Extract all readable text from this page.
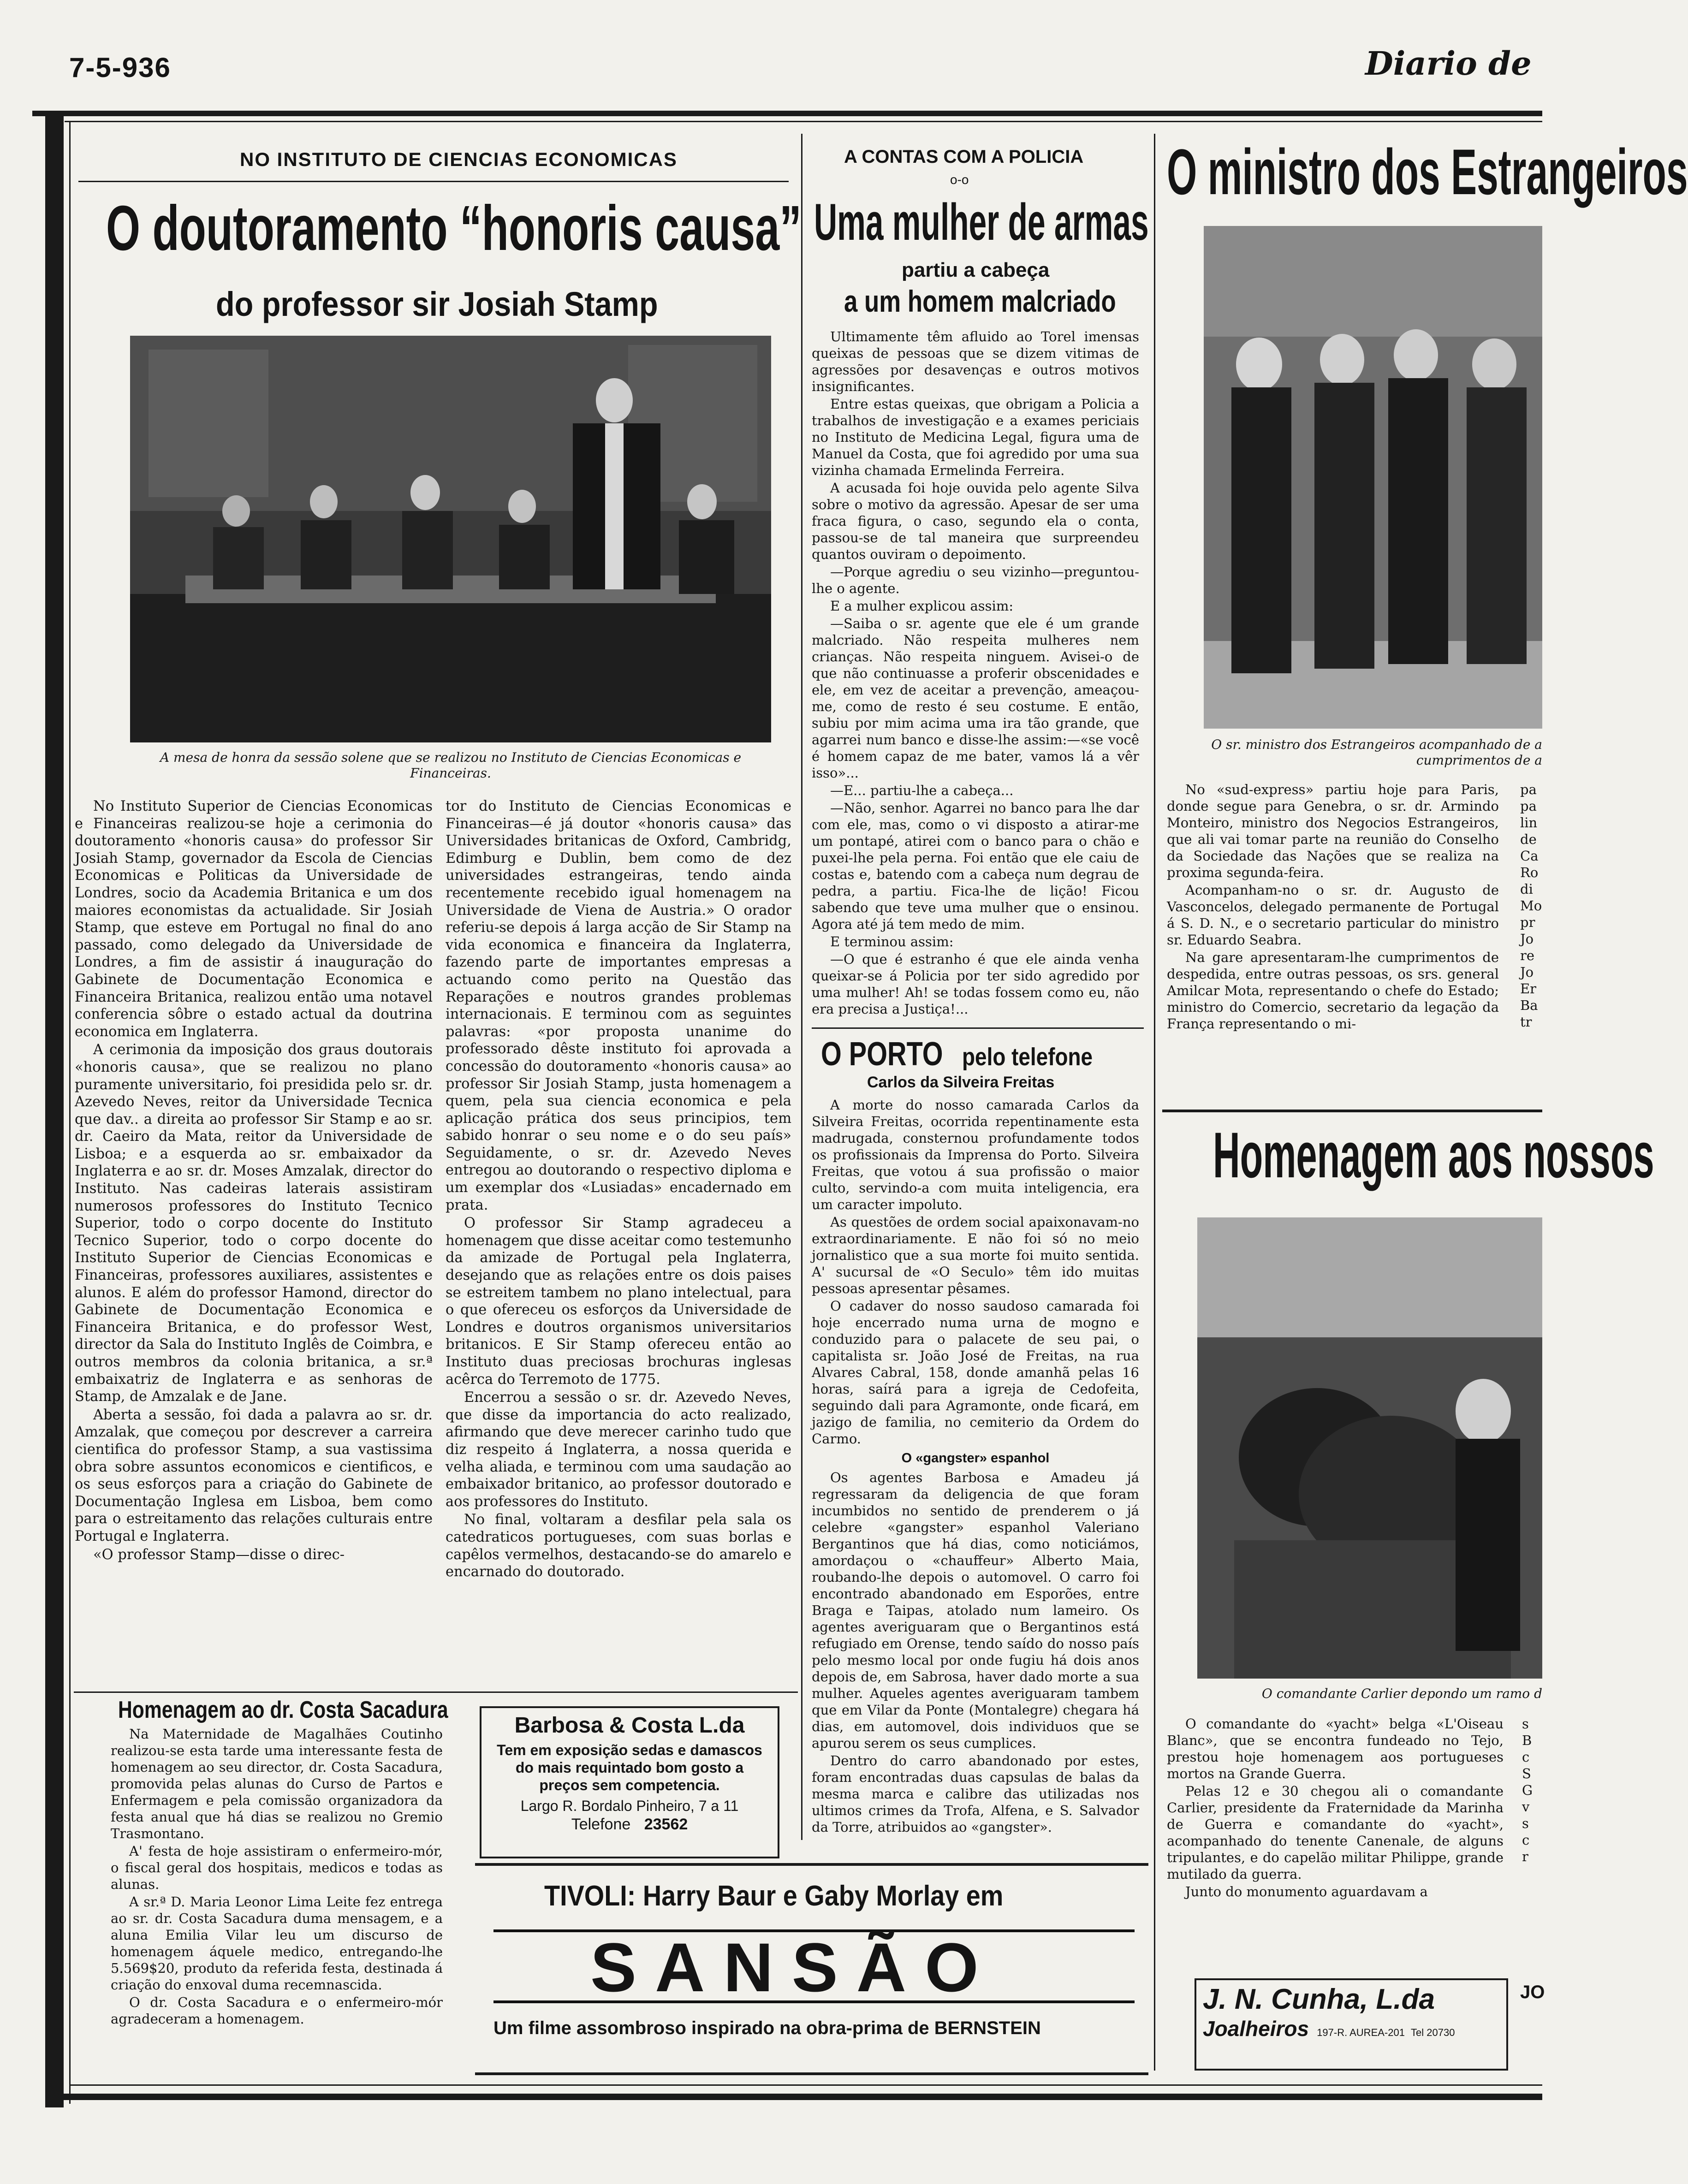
7-5-936	Diario de
NO INSTITUTO DE CIENCIAS ECONOMICAS
O doutoramento “honoris causa”
do professor sir Josiah Stamp
A mesa de honra da sessão solene que se realizou no Instituto de Ciencias Economicas e Financeiras.

No Instituto Superior de Ciencias Economicas e Financeiras realizou-se hoje a cerimonia do doutoramento «honoris causa» do professor Sir Josiah Stamp, governador da Escola de Ciencias Economicas e Politicas da Universidade de Londres, socio da Academia Britanica e um dos maiores economistas da actualidade. Sir Josiah Stamp, que esteve em Portugal no final do ano passado, como delegado da Universidade de Londres, a fim de assistir á inauguração do Gabinete de Documentação Economica e Financeira Britanica, realizou então uma notavel conferencia sôbre o estado actual da doutrina economica em Inglaterra.

A cerimonia da imposição dos graus doutorais «honoris causa», que se realizou no plano puramente universitario, foi presidida pelo sr. dr. Azevedo Neves, reitor da Universidade Tecnica que dav.. a direita ao professor Sir Stamp e ao sr. dr. Caeiro da Mata, reitor da Universidade de Lisboa; e a esquerda ao sr. embaixador da Inglaterra e ao sr. dr. Moses Amzalak, director do Instituto. Nas cadeiras laterais assistiram numerosos professores do Instituto Tecnico Superior, todo o corpo docente do Instituto Tecnico Superior, todo o corpo docente do Instituto Superior de Ciencias Economicas e Financeiras, professores auxiliares, assistentes e alunos. E além do professor Hamond, director do Gabinete de Documentação Economica e Financeira Britanica, e do professor West, director da Sala do Instituto Inglês de Coimbra, e outros membros da colonia britanica, a sr.ª embaixatriz de Inglaterra e as senhoras de Stamp, de Amzalak e de Jane.

Aberta a sessão, foi dada a palavra ao sr. dr. Amzalak, que começou por descrever a carreira cientifica do professor Stamp, a sua vastissima obra sobre assuntos economicos e cientificos, e os seus esforços para a criação do Gabinete de Documentação Inglesa em Lisboa, bem como para o estreitamento das relações culturais entre Portugal e Inglaterra.

«O professor Stamp—disse o direc-

tor do Instituto de Ciencias Economicas e Financeiras—é já doutor «honoris causa» das Universidades britanicas de Oxford, Cambridg, Edimburg e Dublin, bem como de dez universidades estrangeiras, tendo ainda recentemente recebido igual homenagem na Universidade de Viena de Austria.» O orador referiu-se depois á larga acção de Sir Stamp na vida economica e financeira da Inglaterra, fazendo parte de importantes empresas a actuando como perito na Questão das Reparações e noutros grandes problemas internacionais. E terminou com as seguintes palavras: «por proposta unanime do professorado dêste instituto foi aprovada a concessão do doutoramento «honoris causa» ao professor Sir Josiah Stamp, justa homenagem a quem, pela sua ciencia economica e pela aplicação prática dos seus principios, tem sabido honrar o seu nome e o do seu país» Seguidamente, o sr. dr. Azevedo Neves entregou ao doutorando o respectivo diploma e um exemplar dos «Lusiadas» encadernado em prata.

O professor Sir Stamp agradeceu a homenagem que disse aceitar como testemunho da amizade de Portugal pela Inglaterra, desejando que as relações entre os dois paises se estreitem tambem no plano intelectual, para o que ofereceu os esforços da Universidade de Londres e doutros organismos universitarios britanicos. E Sir Stamp ofereceu então ao Instituto duas preciosas brochuras inglesas acêrca do Terremoto de 1775.

Encerrou a sessão o sr. dr. Azevedo Neves, que disse da importancia do acto realizado, afirmando que deve merecer carinho tudo que diz respeito á Inglaterra, a nossa querida e velha aliada, e terminou com uma saudação ao embaixador britanico, ao professor doutorado e aos professores do Instituto.

No final, voltaram a desfilar pela sala os catedraticos portugueses, com suas borlas e capêlos vermelhos, destacando-se do amarelo e encarnado do doutorado.

Homenagem ao dr. Costa Sacadura

Na Maternidade de Magalhães Coutinho realizou-se esta tarde uma interessante festa de homenagem ao seu director, dr. Costa Sacadura, promovida pelas alunas do Curso de Partos e Enfermagem e pela comissão organizadora da festa anual que há dias se realizou no Gremio Trasmontano.

A' festa de hoje assistiram o enfermeiro-mór, o fiscal geral dos hospitais, medicos e todas as alunas.

A sr.ª D. Maria Leonor Lima Leite fez entrega ao sr. dr. Costa Sacadura duma mensagem, e a aluna Emilia Vilar leu um discurso de homenagem áquele medico, entregando-lhe 5.569$20, produto da referida festa, destinada á criação do enxoval duma recemnascida.

O dr. Costa Sacadura e o enfermeiro-mór agradeceram a homenagem.

Barbosa & Costa L.da
Tem em exposição sedas e damascos do mais requintado bom gosto a preços sem competencia.
Largo R. Bordalo Pinheiro, 7 a 11
Telefone 23562
A CONTAS COM A POLICIA
o-o
Uma mulher de armas
partiu a cabeça
a um homem malcriado

Ultimamente têm afluido ao Torel imensas queixas de pessoas que se dizem vitimas de agressões por desavenças e outros motivos insignificantes.

Entre estas queixas, que obrigam a Policia a trabalhos de investigação e a exames periciais no Instituto de Medicina Legal, figura uma de Manuel da Costa, que foi agredido por uma sua vizinha chamada Ermelinda Ferreira.

A acusada foi hoje ouvida pelo agente Silva sobre o motivo da agressão. Apesar de ser uma fraca figura, o caso, segundo ela o conta, passou-se de tal maneira que surpreendeu quantos ouviram o depoimento.

—Porque agrediu o seu vizinho—preguntou-lhe o agente.

E a mulher explicou assim:

—Saiba o sr. agente que ele é um grande malcriado. Não respeita mulheres nem crianças. Não respeita ninguem. Avisei-o de que não continuasse a proferir obscenidades e ele, em vez de aceitar a prevenção, ameaçou-me, como de resto é seu costume. E então, subiu por mim acima uma ira tão grande, que agarrei num banco e disse-lhe assim:—«se você é homem capaz de me bater, vamos lá a vêr isso»...

—E... partiu-lhe a cabeça...

—Não, senhor. Agarrei no banco para lhe dar com ele, mas, como o vi disposto a atirar-me um pontapé, atirei com o banco para o chão e puxei-lhe pela perna. Foi então que ele caiu de costas e, batendo com a cabeça num degrau de pedra, a partiu. Fica-lhe de lição! Ficou sabendo que teve uma mulher que o ensinou. Agora até já tem medo de mim.

E terminou assim:

—O que é estranho é que ele ainda venha queixar-se á Policia por ter sido agredido por uma mulher! Ah! se todas fossem como eu, não era precisa a Justiça!...

O PORTO pelo telefone
Carlos da Silveira Freitas

A morte do nosso camarada Carlos da Silveira Freitas, ocorrida repentinamente esta madrugada, consternou profundamente todos os profissionais da Imprensa do Porto. Silveira Freitas, que votou á sua profissão o maior culto, servindo-a com muita inteligencia, era um caracter impoluto.

As questões de ordem social apaixonavam-no extraordinariamente. E não foi só no meio jornalistico que a sua morte foi muito sentida. A' sucursal de «O Seculo» têm ido muitas pessoas apresentar pêsames.

O cadaver do nosso saudoso camarada foi hoje encerrado numa urna de mogno e conduzido para o palacete de seu pai, o capitalista sr. João José de Freitas, na rua Alvares Cabral, 158, donde amanhã pelas 16 horas, saírá para a igreja de Cedofeita, seguindo dali para Agramonte, onde ficará, em jazigo de familia, no cemiterio da Ordem do Carmo.

O «gangster» espanhol

Os agentes Barbosa e Amadeu já regressaram da deligencia de que foram incumbidos no sentido de prenderem o já celebre «gangster» espanhol Valeriano Bergantinos que há dias, como noticiámos, amordaçou o «chauffeur» Alberto Maia, roubando-lhe depois o automovel. O carro foi encontrado abandonado em Esporões, entre Braga e Taipas, atolado num lameiro. Os agentes averiguaram que o Bergantinos está refugiado em Orense, tendo saído do nosso país pelo mesmo local por onde fugiu há dois anos depois de, em Sabrosa, haver dado morte a sua mulher. Aqueles agentes averiguaram tambem que em Vilar da Ponte (Montalegre) chegara há dias, em automovel, dois individuos que se apurou serem os seus cumplices.

Dentro do carro abandonado por estes, foram encontradas duas capsulas de balas da mesma marca e calibre das utilizadas nos ultimos crimes da Trofa, Alfena, e S. Salvador da Torre, atribuidos ao «gangster».

TIVOLI: Harry Baur e Gaby Morlay em
SANSÃO
Um filme assombroso inspirado na obra-prima de BERNSTEIN
O ministro dos Estrangeiros
O sr. ministro dos Estrangeiros acompanhado de a cumprimentos de a

No «sud-express» partiu hoje para Paris, donde segue para Genebra, o sr. dr. Armindo Monteiro, ministro dos Negocios Estrangeiros, que ali vai tomar parte na reunião do Conselho da Sociedade das Nações que se realiza na proxima segunda-feira.

Acompanham-no o sr. dr. Augusto de Vasconcelos, delegado permanente de Portugal á S. D. N., e o secretario particular do ministro sr. Eduardo Seabra.

Na gare apresentaram-lhe cumprimentos de despedida, entre outras pessoas, os srs. general Amilcar Mota, representando o chefe do Estado; ministro do Comercio, secretario da legação da França representando o mi-

pa
pa
lin
de
Ca
Ro
di
Mo
pr
Jo
re
Jo
Er
Ba
tr
Homenagem aos nossos
O comandante Carlier depondo um ramo d

O comandante do «yacht» belga «L'Oiseau Blanc», que se encontra fundeado no Tejo, prestou hoje homenagem aos portugueses mortos na Grande Guerra.

Pelas 12 e 30 chegou ali o comandante Carlier, presidente da Fraternidade da Marinha de Guerra e comandante do «yacht», acompanhado do tenente Canenale, de alguns tripulantes, e do capelão militar Philippe, grande mutilado da guerra.

Junto do monumento aguardavam a

s
B
c
S
G
v
s
c
r
J. N. Cunha, L.da
Joalheiros 197-R. AUREA-201 Tel 20730
JO
